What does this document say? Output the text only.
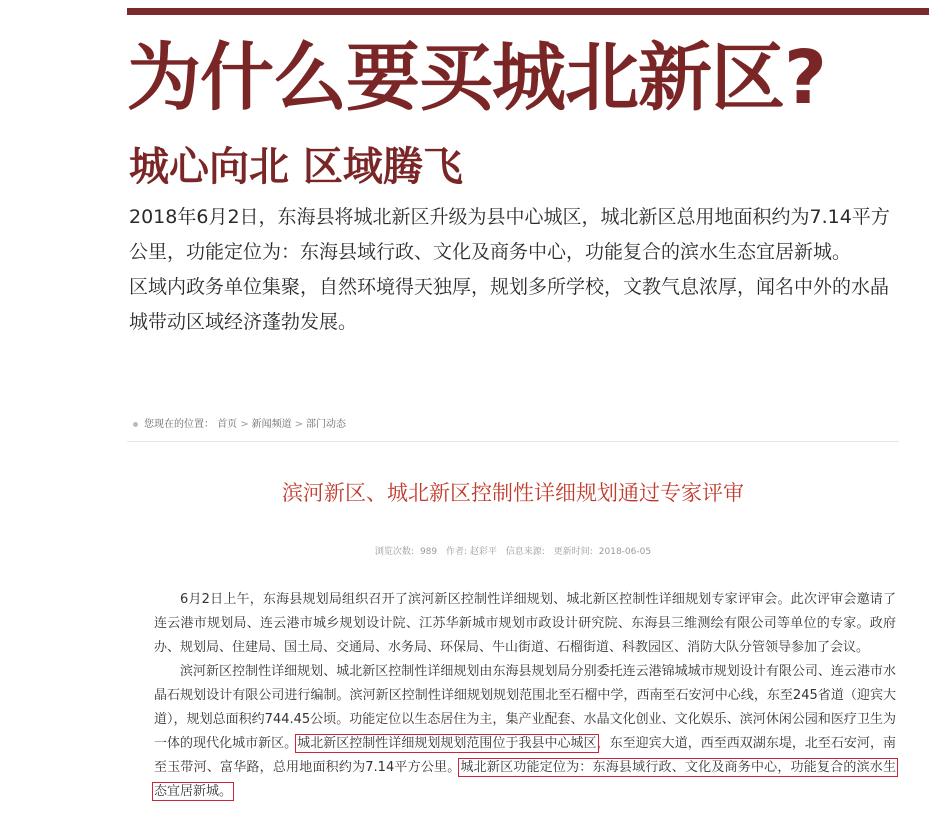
为什么要买城北新区?
城心向北 区域腾飞

2018年6月2日，东海县将城北新区升级为县中心城区，城北新区总用地面积约为7.14平方公里，功能定位为：东海县域行政、文化及商务中心，功能复合的滨水生态宜居新城。

区域内政务单位集聚，自然环境得天独厚，规划多所学校，文教气息浓厚，闻名中外的水晶城带动区域经济蓬勃发展。

您现在的位置： 首页 > 新闻频道 > 部门动态
滨河新区、城北新区控制性详细规划通过专家评审
浏览次数: 989 作者: 赵彩平 信息来源: 更新时间: 2018-06-05

6月2日上午，东海县规划局组织召开了滨河新区控制性详细规划、城北新区控制性详细规划专家评审会。此次评审会邀请了连云港市规划局、连云港市城乡规划设计院、江苏华新城市规划市政设计研究院、东海县三维测绘有限公司等单位的专家。政府办、规划局、住建局、国土局、交通局、水务局、环保局、牛山街道、石榴街道、科教园区、消防大队分管领导参加了会议。

滨河新区控制性详细规划、城北新区控制性详细规划由东海县规划局分别委托连云港锦城城市规划设计有限公司、连云港市水晶石规划设计有限公司进行编制。滨河新区控制性详细规划规划范围北至石榴中学，西南至石安河中心线，东至245省道（迎宾大道），规划总面积约744.45公顷。功能定位以生态居住为主，集产业配套、水晶文化创业、文化娱乐、滨河休闲公园和医疗卫生为一体的现代化城市新区。城北新区控制性详细规划规划范围位于我县中心城区，东至迎宾大道，西至西双湖东堤，北至石安河，南至玉带河、富华路，总用地面积约为7.14平方公里。城北新区功能定位为：东海县域行政、文化及商务中心，功能复合的滨水生态宜居新城。
